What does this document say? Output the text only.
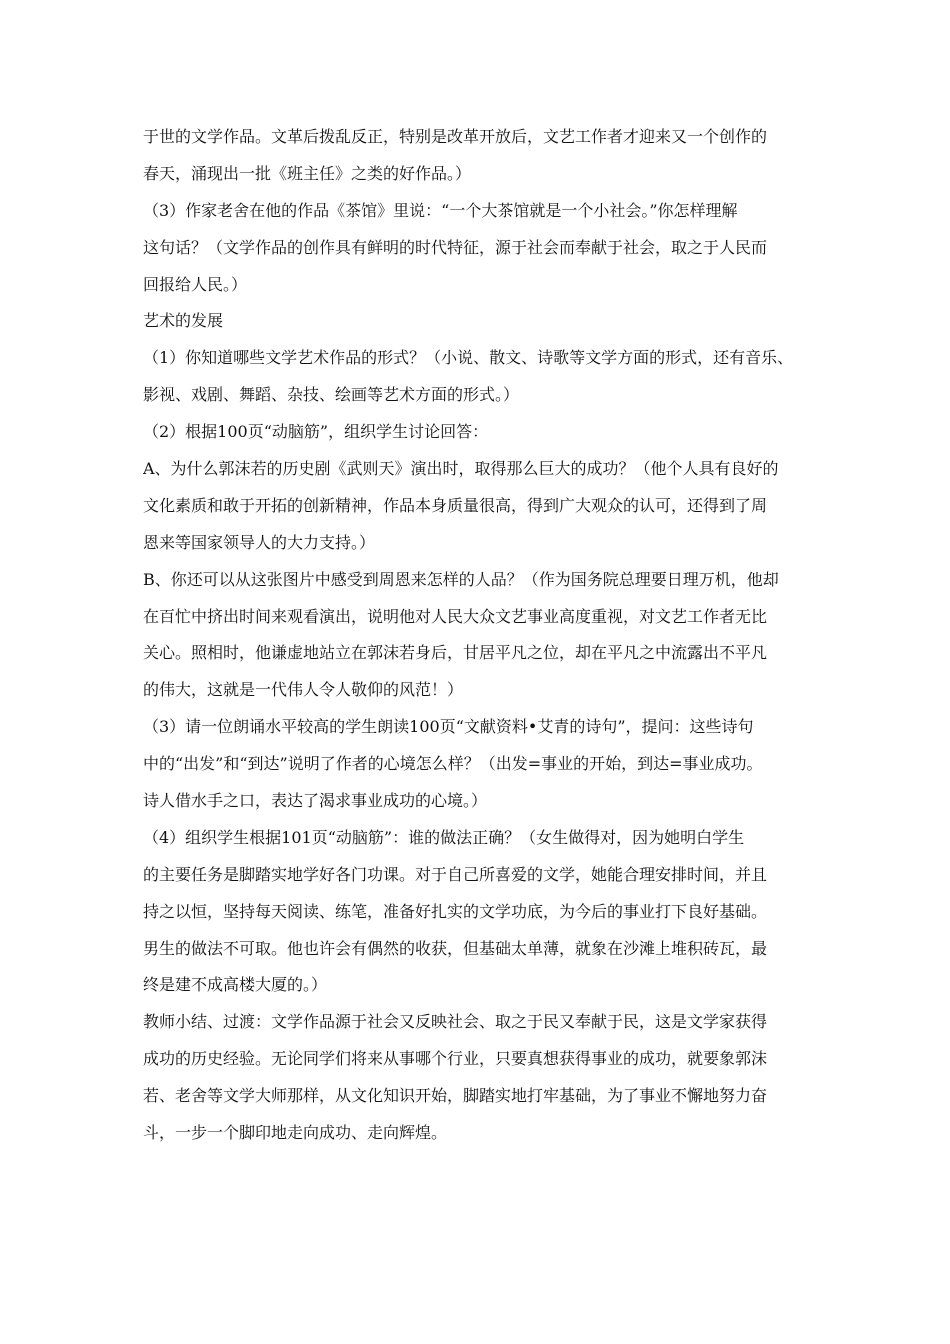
于世的文学作品。文革后拨乱反正，特别是改革开放后，文艺工作者才迎来又一个创作的
春天，涌现出一批《班主任》之类的好作品。）
（3）作家老舍在他的作品《茶馆》里说：“一个大茶馆就是一个小社会。”你怎样理解
这句话？（文学作品的创作具有鲜明的时代特征，源于社会而奉献于社会，取之于人民而
回报给人民。）
艺术的发展
（1）你知道哪些文学艺术作品的形式？（小说、散文、诗歌等文学方面的形式，还有音乐、
影视、戏剧、舞蹈、杂技、绘画等艺术方面的形式。）
（2）根据100页“动脑筋”，组织学生讨论回答：
A、为什么郭沫若的历史剧《武则天》演出时，取得那么巨大的成功？（他个人具有良好的
文化素质和敢于开拓的创新精神，作品本身质量很高，得到广大观众的认可，还得到了周
恩来等国家领导人的大力支持。）
B、你还可以从这张图片中感受到周恩来怎样的人品？（作为国务院总理要日理万机，他却
在百忙中挤出时间来观看演出，说明他对人民大众文艺事业高度重视，对文艺工作者无比
关心。照相时，他谦虚地站立在郭沫若身后，甘居平凡之位，却在平凡之中流露出不平凡
的伟大，这就是一代伟人令人敬仰的风范！）
（3）请一位朗诵水平较高的学生朗读100页“文献资料•艾青的诗句”，提问：这些诗句
中的“出发”和“到达”说明了作者的心境怎么样？（出发=事业的开始，到达=事业成功。
诗人借水手之口，表达了渴求事业成功的心境。）
（4）组织学生根据101页“动脑筋”：谁的做法正确？（女生做得对，因为她明白学生
的主要任务是脚踏实地学好各门功课。对于自己所喜爱的文学，她能合理安排时间，并且
持之以恒，坚持每天阅读、练笔，准备好扎实的文学功底，为今后的事业打下良好基础。
男生的做法不可取。他也许会有偶然的收获，但基础太单薄，就象在沙滩上堆积砖瓦，最
终是建不成高楼大厦的。）
教师小结、过渡：文学作品源于社会又反映社会、取之于民又奉献于民，这是文学家获得
成功的历史经验。无论同学们将来从事哪个行业，只要真想获得事业的成功，就要象郭沫
若、老舍等文学大师那样，从文化知识开始，脚踏实地打牢基础，为了事业不懈地努力奋
斗，一步一个脚印地走向成功、走向辉煌。
